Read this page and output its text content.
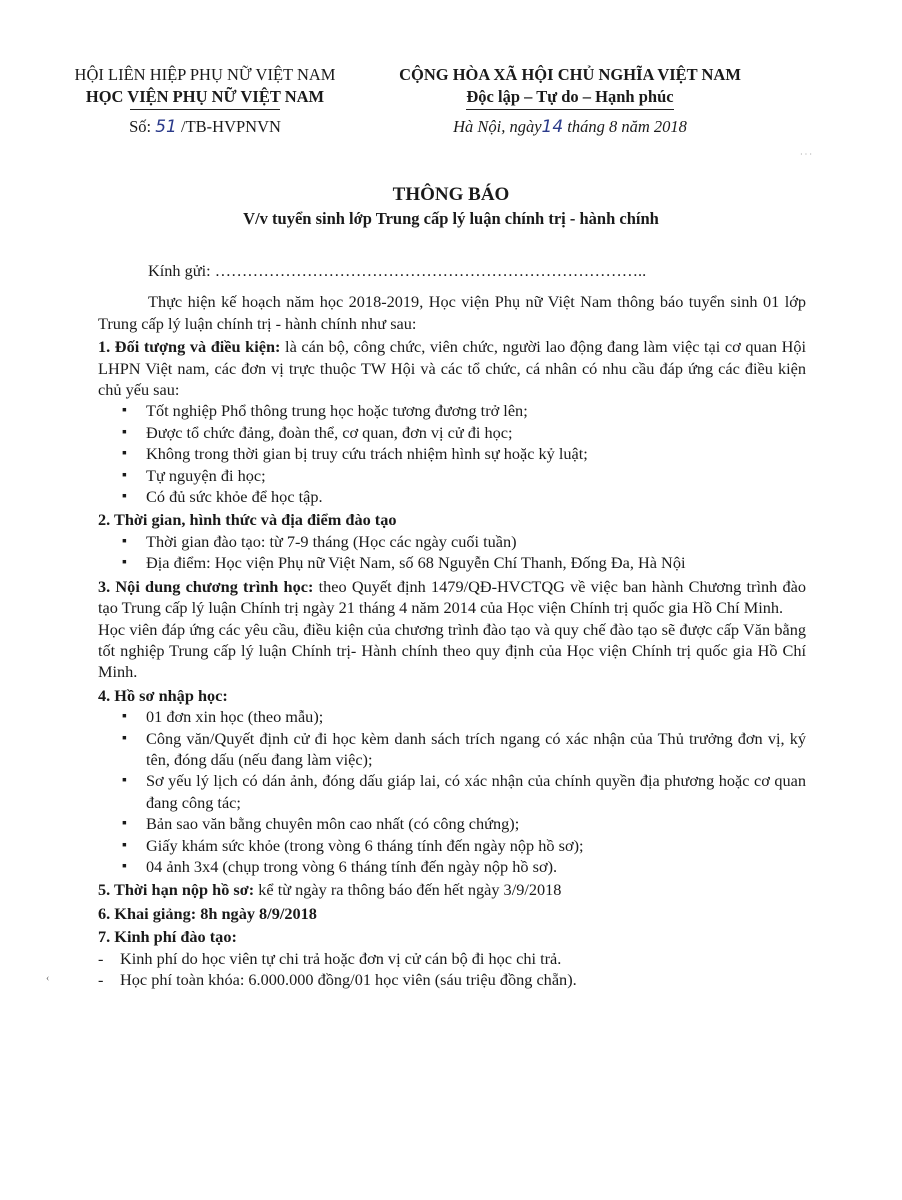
· · ·
HỘI LIÊN HIỆP PHỤ NỮ VIỆT NAM
HỌC VIỆN PHỤ NỮ VIỆT NAM
Số: 51 /TB-HVPNVN
CỘNG HÒA XÃ HỘI CHỦ NGHĨA VIỆT NAM
Độc lập – Tự do – Hạnh phúc
Hà Nội, ngày14 tháng 8 năm 2018
THÔNG BÁO
V/v tuyển sinh lớp Trung cấp lý luận chính trị - hành chính

Kính gửi: ……………………………………………………………………..

Thực hiện kế hoạch năm học 2018-2019, Học viện Phụ nữ Việt Nam thông báo tuyển sinh 01 lớp Trung cấp lý luận chính trị - hành chính như sau:

1. Đối tượng và điều kiện: là cán bộ, công chức, viên chức, người lao động đang làm việc tại cơ quan Hội LHPN Việt nam, các đơn vị trực thuộc TW Hội và các tổ chức, cá nhân có nhu cầu đáp ứng các điều kiện chủ yếu sau:

▪ Tốt nghiệp Phổ thông trung học hoặc tương đương trở lên;
▪ Được tổ chức đảng, đoàn thể, cơ quan, đơn vị cử đi học;
▪ Không trong thời gian bị truy cứu trách nhiệm hình sự hoặc kỷ luật;
▪ Tự nguyện đi học;
▪ Có đủ sức khỏe để học tập.

2. Thời gian, hình thức và địa điểm đào tạo

▪ Thời gian đào tạo: từ 7-9 tháng (Học các ngày cuối tuần)
▪ Địa điểm: Học viện Phụ nữ Việt Nam, số 68 Nguyễn Chí Thanh, Đống Đa, Hà Nội

3. Nội dung chương trình học: theo Quyết định 1479/QĐ-HVCTQG về việc ban hành Chương trình đào tạo Trung cấp lý luận Chính trị ngày 21 tháng 4 năm 2014 của Học viện Chính trị quốc gia Hồ Chí Minh.

Học viên đáp ứng các yêu cầu, điều kiện của chương trình đào tạo và quy chế đào tạo sẽ được cấp Văn bằng tốt nghiệp Trung cấp lý luận Chính trị- Hành chính theo quy định của Học viện Chính trị quốc gia Hồ Chí Minh.

4. Hồ sơ nhập học:

▪ 01 đơn xin học (theo mẫu);
▪ Công văn/Quyết định cử đi học kèm danh sách trích ngang có xác nhận của Thủ trưởng đơn vị, ký tên, đóng dấu (nếu đang làm việc);
▪ Sơ yếu lý lịch có dán ảnh, đóng dấu giáp lai, có xác nhận của chính quyền địa phương hoặc cơ quan đang công tác;
▪ Bản sao văn bằng chuyên môn cao nhất (có công chứng);
▪ Giấy khám sức khỏe (trong vòng 6 tháng tính đến ngày nộp hồ sơ);
▪ 04 ảnh 3x4 (chụp trong vòng 6 tháng tính đến ngày nộp hồ sơ).

5. Thời hạn nộp hồ sơ: kể từ ngày ra thông báo đến hết ngày 3/9/2018

6. Khai giảng: 8h ngày 8/9/2018

7. Kinh phí đào tạo:

- Kinh phí do học viên tự chi trả hoặc đơn vị cử cán bộ đi học chi trả.
- Học phí toàn khóa: 6.000.000 đồng/01 học viên (sáu triệu đồng chẵn).
‹
